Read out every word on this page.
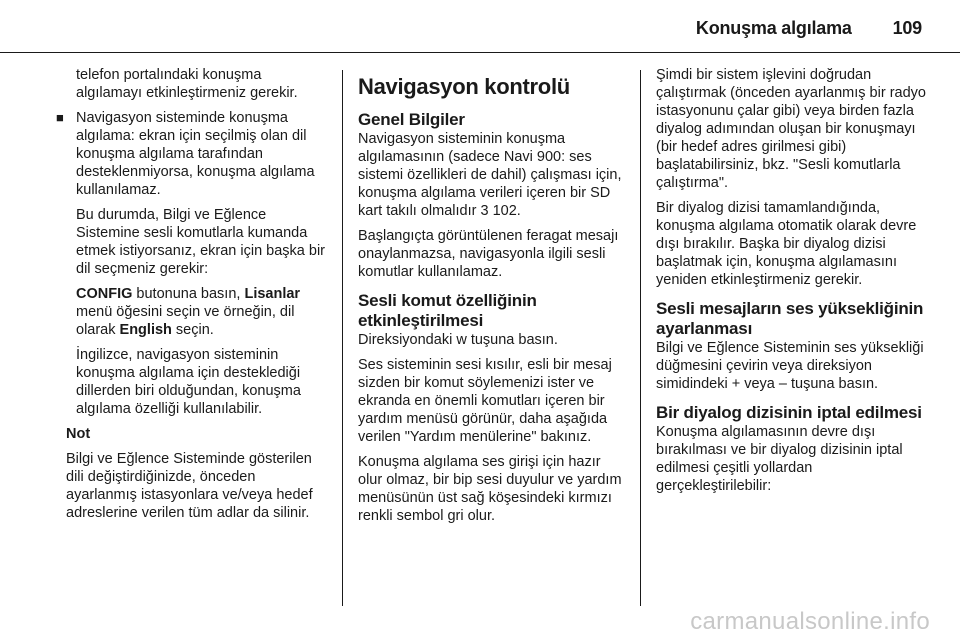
Konuşma algılama 109

telefon portalındaki konuşma algılamayı etkinleştirmeniz gerekir.

■ Navigasyon sisteminde konuşma algılama: ekran için seçilmiş olan dil konuşma algılama tarafından desteklenmiyorsa, konuşma algılama kullanılamaz.

Bu durumda, Bilgi ve Eğlence Sistemine sesli komutlarla kumanda etmek istiyorsanız, ekran için başka bir dil seçmeniz gerekir:

CONFIG butonuna basın, Lisanlar menü öğesini seçin ve örneğin, dil olarak English seçin.

İngilizce, navigasyon sisteminin konuşma algılama için desteklediği dillerden biri olduğundan, konuşma algılama özelliği kullanılabilir.

Not

Bilgi ve Eğlence Sisteminde gösterilen dili değiştirdiğinizde, önceden ayarlanmış istasyonlara ve/veya hedef adreslerine verilen tüm adlar da silinir.

Navigasyon kontrolü
Genel Bilgiler

Navigasyon sisteminin konuşma algılamasının (sadece Navi 900: ses sistemi özellikleri de dahil) çalışması için, konuşma algılama verileri içeren bir SD kart takılı olmalıdır 3 102.

Başlangıçta görüntülenen feragat mesajı onaylanmazsa, navigasyonla ilgili sesli komutlar kullanılamaz.

Sesli komut özelliğinin etkinleştirilmesi

Direksiyondaki w tuşuna basın.

Ses sisteminin sesi kısılır, esli bir mesaj sizden bir komut söylemenizi ister ve ekranda en önemli komutları içeren bir yardım menüsü görünür, daha aşağıda verilen "Yardım menülerine" bakınız.

Konuşma algılama ses girişi için hazır olur olmaz, bir bip sesi duyulur ve yardım menüsünün üst sağ köşesindeki kırmızı renkli sembol gri olur.

Şimdi bir sistem işlevini doğrudan çalıştırmak (önceden ayarlanmış bir radyo istasyonunu çalar gibi) veya birden fazla diyalog adımından oluşan bir konuşmayı (bir hedef adres girilmesi gibi) başlatabilirsiniz, bkz. "Sesli komutlarla çalıştırma".

Bir diyalog dizisi tamamlandığında, konuşma algılama otomatik olarak devre dışı bırakılır. Başka bir diyalog dizisi başlatmak için, konuşma algılamasını yeniden etkinleştirmeniz gerekir.

Sesli mesajların ses yüksekliğinin ayarlanması

Bilgi ve Eğlence Sisteminin ses yüksekliği düğmesini çevirin veya direksiyon simidindeki + veya – tuşuna basın.

Bir diyalog dizisinin iptal edilmesi

Konuşma algılamasının devre dışı bırakılması ve bir diyalog dizisinin iptal edilmesi çeşitli yollardan gerçekleştirilebilir:

carmanualsonline.info
